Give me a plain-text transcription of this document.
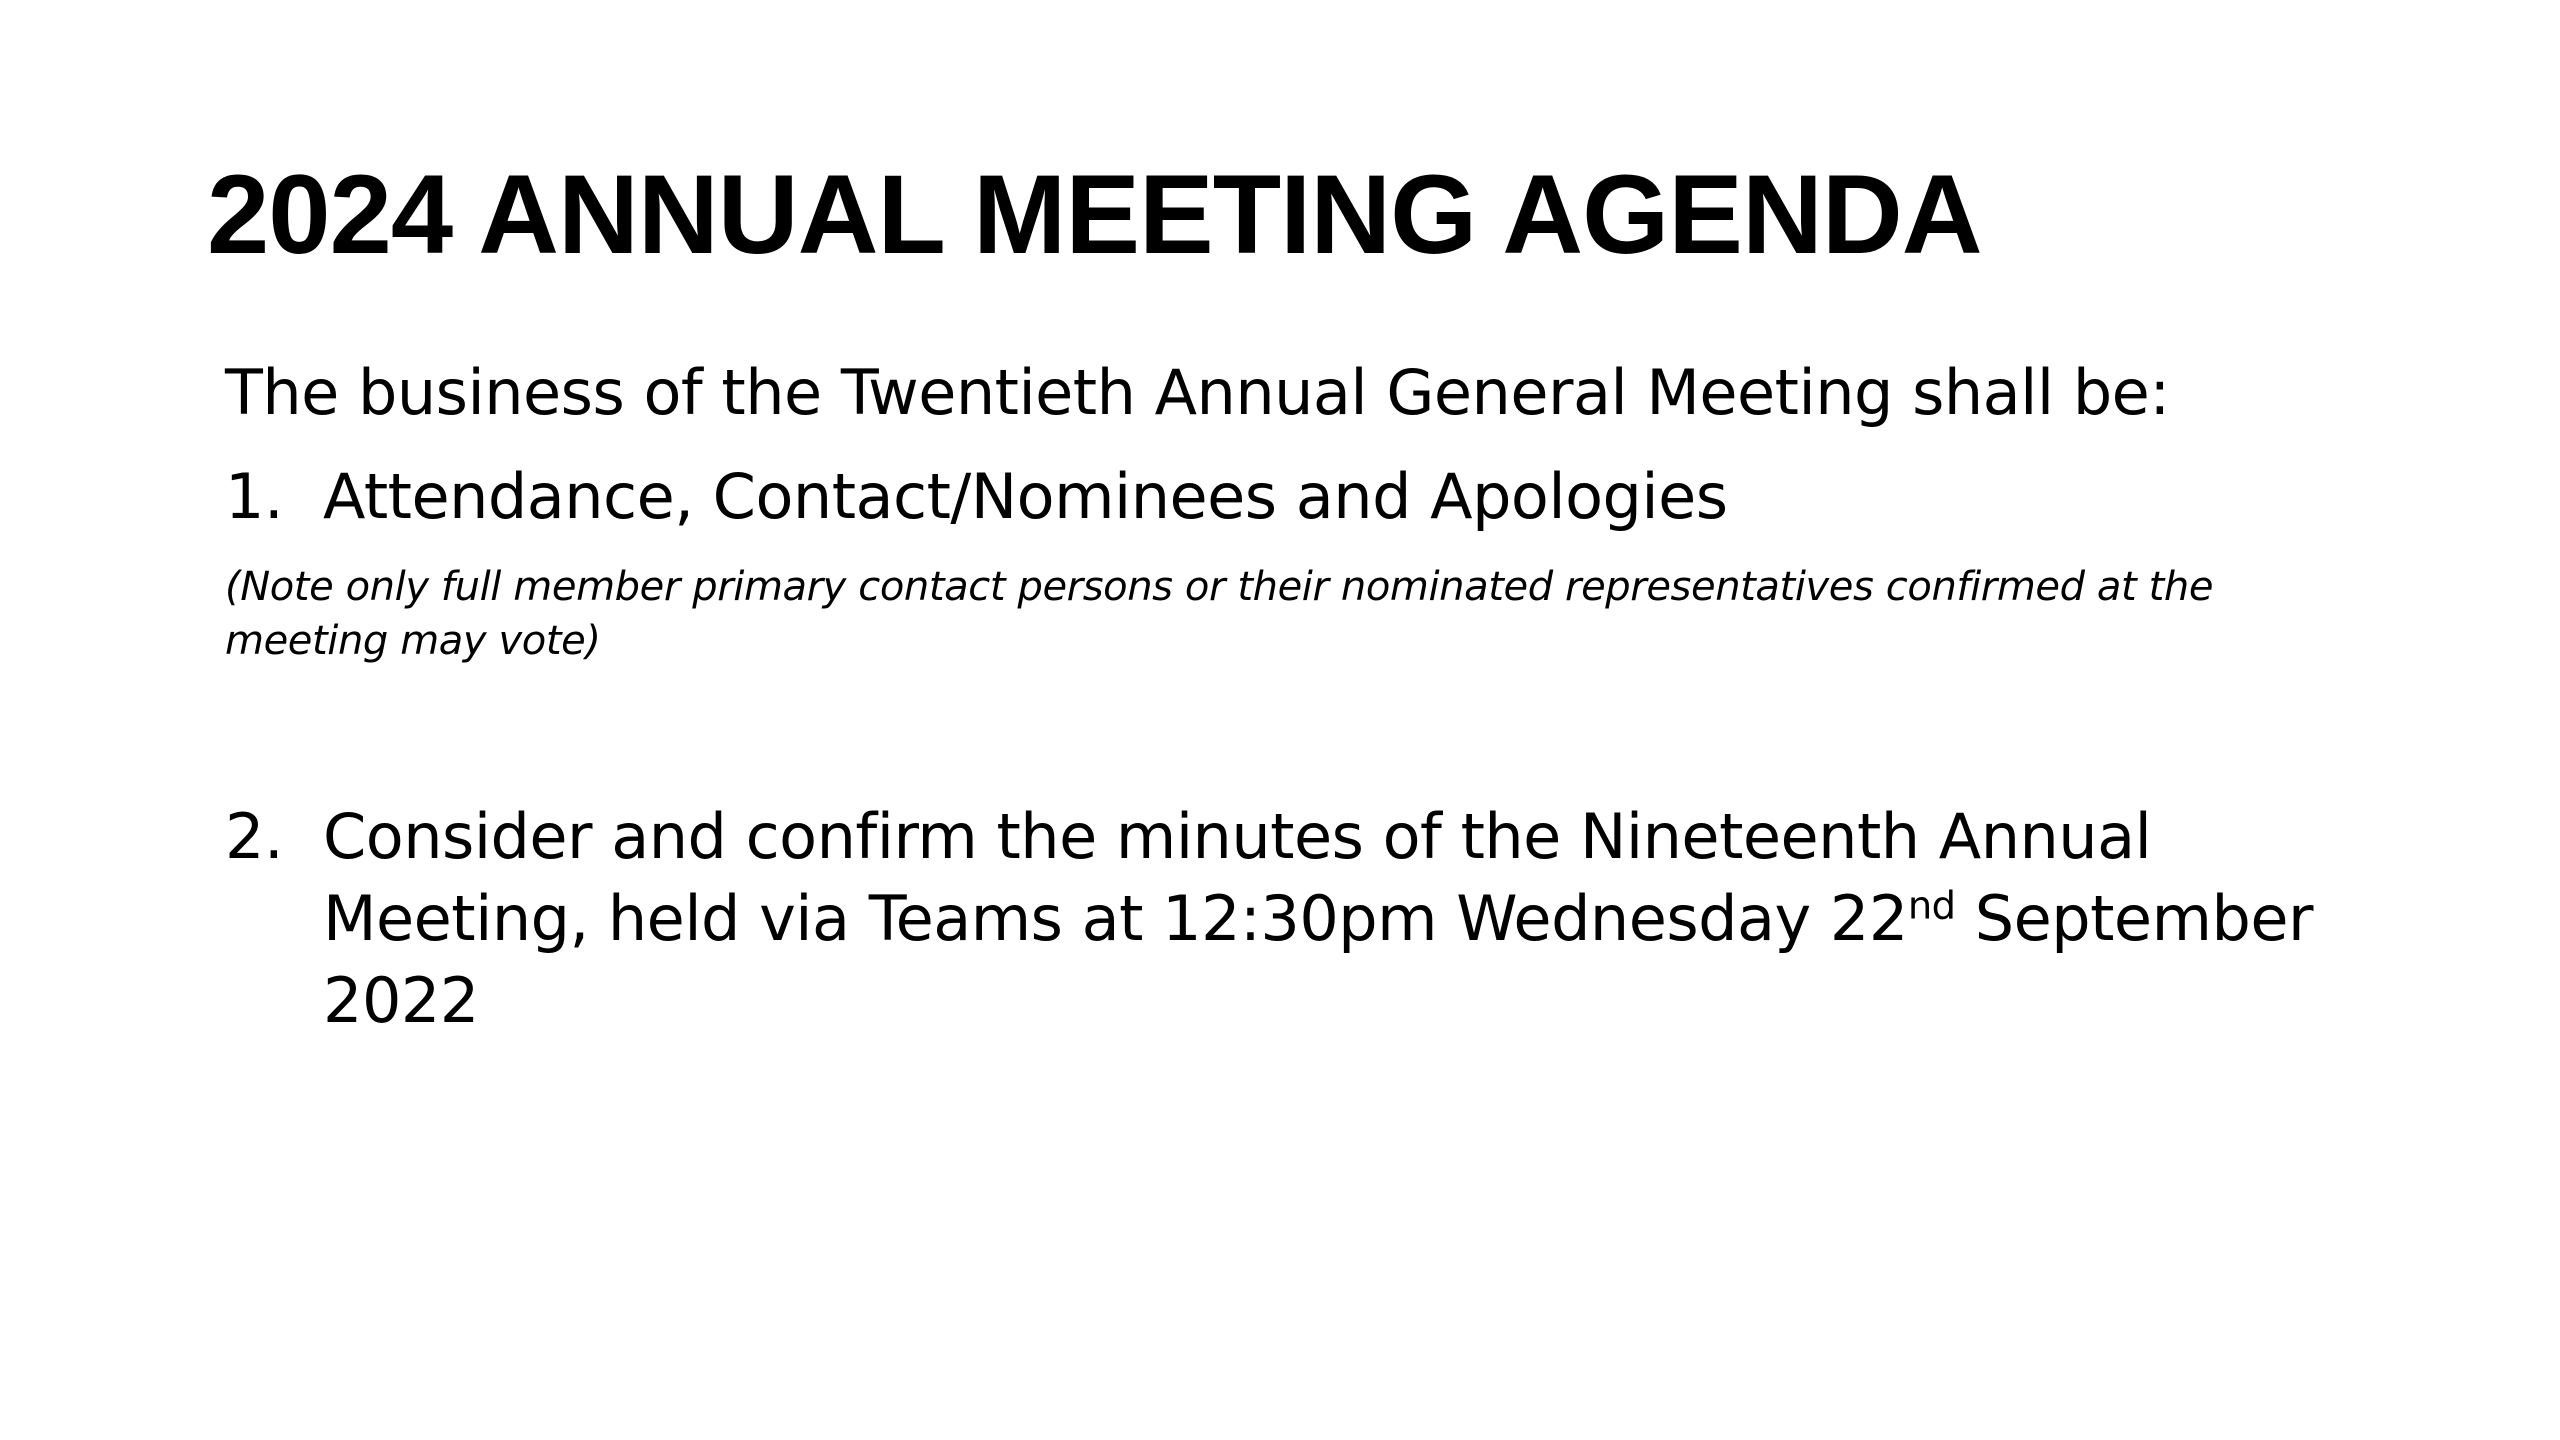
2024 ANNUAL MEETING AGENDA

The business of the Twentieth Annual General Meeting shall be:

1. Attendance, Contact/Nominees and Apologies

(Note only full member primary contact persons or their nominated representatives confirmed at the meeting may vote)

2. Consider and confirm the minutes of the Nineteenth Annual Meeting, held via Teams at 12:30pm Wednesday 22nd September 2022
